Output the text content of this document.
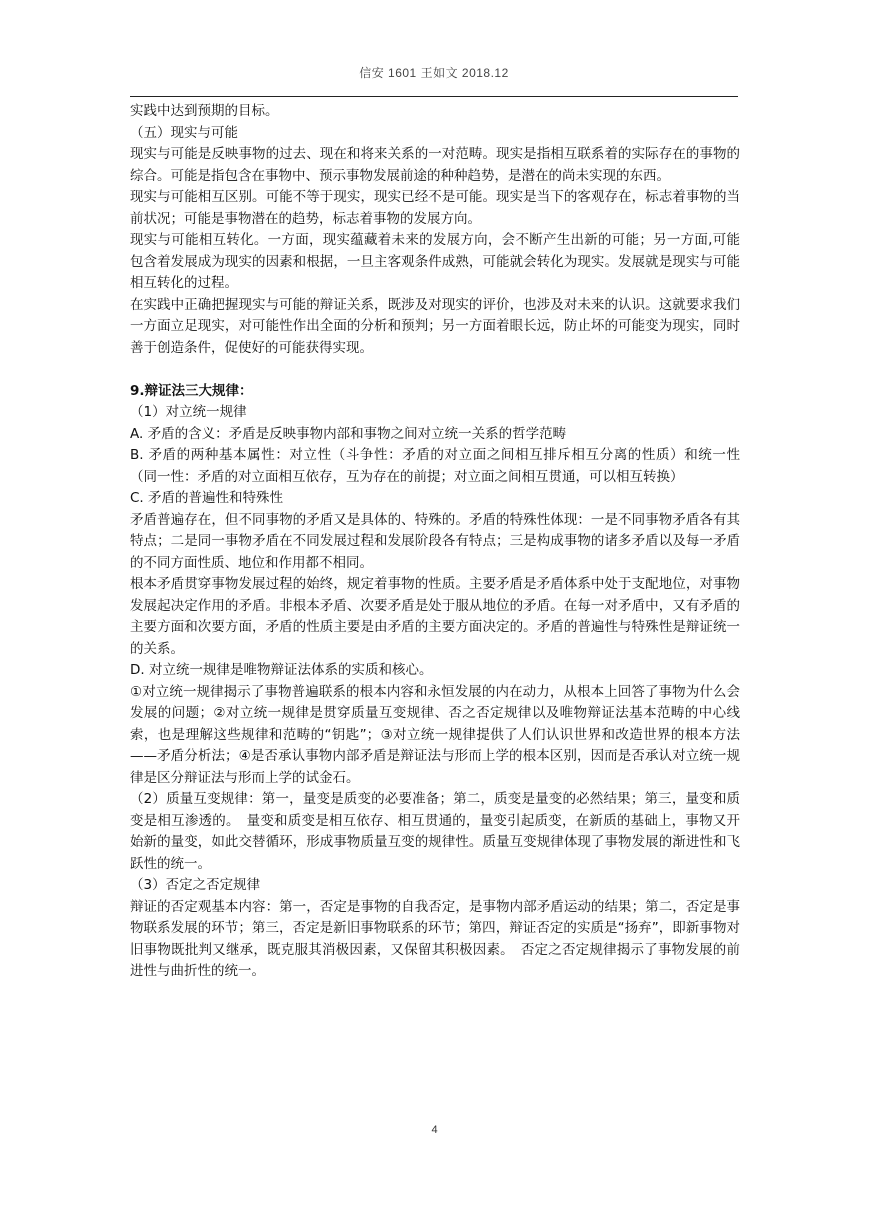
信安 1601 王如文 2018.12

实践中达到预期的目标。

（五）现实与可能

现实与可能是反映事物的过去、现在和将来关系的一对范畴。现实是指相互联系着的实际存在的事物的综合。可能是指包含在事物中、预示事物发展前途的种种趋势，是潜在的尚未实现的东西。

现实与可能相互区别。可能不等于现实，现实已经不是可能。现实是当下的客观存在，标志着事物的当前状况；可能是事物潜在的趋势，标志着事物的发展方向。

现实与可能相互转化。一方面，现实蕴藏着未来的发展方向，会不断产生出新的可能；另一方面,可能包含着发展成为现实的因素和根据，一旦主客观条件成熟，可能就会转化为现实。发展就是现实与可能相互转化的过程。

在实践中正确把握现实与可能的辩证关系，既涉及对现实的评价，也涉及对未来的认识。这就要求我们一方面立足现实，对可能性作出全面的分析和预判；另一方面着眼长远，防止坏的可能变为现实，同时善于创造条件，促使好的可能获得实现。

9.辩证法三大规律：

（1）对立统一规律

A. 矛盾的含义：矛盾是反映事物内部和事物之间对立统一关系的哲学范畴

B. 矛盾的两种基本属性：对立性（斗争性：矛盾的对立面之间相互排斥相互分离的性质）和统一性（同一性：矛盾的对立面相互依存，互为存在的前提；对立面之间相互贯通，可以相互转换）

C. 矛盾的普遍性和特殊性

矛盾普遍存在，但不同事物的矛盾又是具体的、特殊的。矛盾的特殊性体现：一是不同事物矛盾各有其特点；二是同一事物矛盾在不同发展过程和发展阶段各有特点；三是构成事物的诸多矛盾以及每一矛盾的不同方面性质、地位和作用都不相同。

根本矛盾贯穿事物发展过程的始终，规定着事物的性质。主要矛盾是矛盾体系中处于支配地位，对事物发展起决定作用的矛盾。非根本矛盾、次要矛盾是处于服从地位的矛盾。在每一对矛盾中，又有矛盾的主要方面和次要方面，矛盾的性质主要是由矛盾的主要方面决定的。矛盾的普遍性与特殊性是辩证统一的关系。

D. 对立统一规律是唯物辩证法体系的实质和核心。

①对立统一规律揭示了事物普遍联系的根本内容和永恒发展的内在动力，从根本上回答了事物为什么会发展的问题；②对立统一规律是贯穿质量互变规律、否之否定规律以及唯物辩证法基本范畴的中心线索，也是理解这些规律和范畴的“钥匙”；③对立统一规律提供了人们认识世界和改造世界的根本方法——矛盾分析法；④是否承认事物内部矛盾是辩证法与形而上学的根本区别，因而是否承认对立统一规律是区分辩证法与形而上学的试金石。

（2）质量互变规律：第一，量变是质变的必要准备；第二，质变是量变的必然结果；第三，量变和质变是相互渗透的。　量变和质变是相互依存、相互贯通的，量变引起质变，在新质的基础上，事物又开始新的量变，如此交替循环，形成事物质量互变的规律性。质量互变规律体现了事物发展的渐进性和飞跃性的统一。

（3）否定之否定规律

辩证的否定观基本内容：第一，否定是事物的自我否定，是事物内部矛盾运动的结果；第二，否定是事物联系发展的环节；第三，否定是新旧事物联系的环节；第四，辩证否定的实质是“扬弃”，即新事物对旧事物既批判又继承，既克服其消极因素，又保留其积极因素。　否定之否定规律揭示了事物发展的前进性与曲折性的统一。

4
